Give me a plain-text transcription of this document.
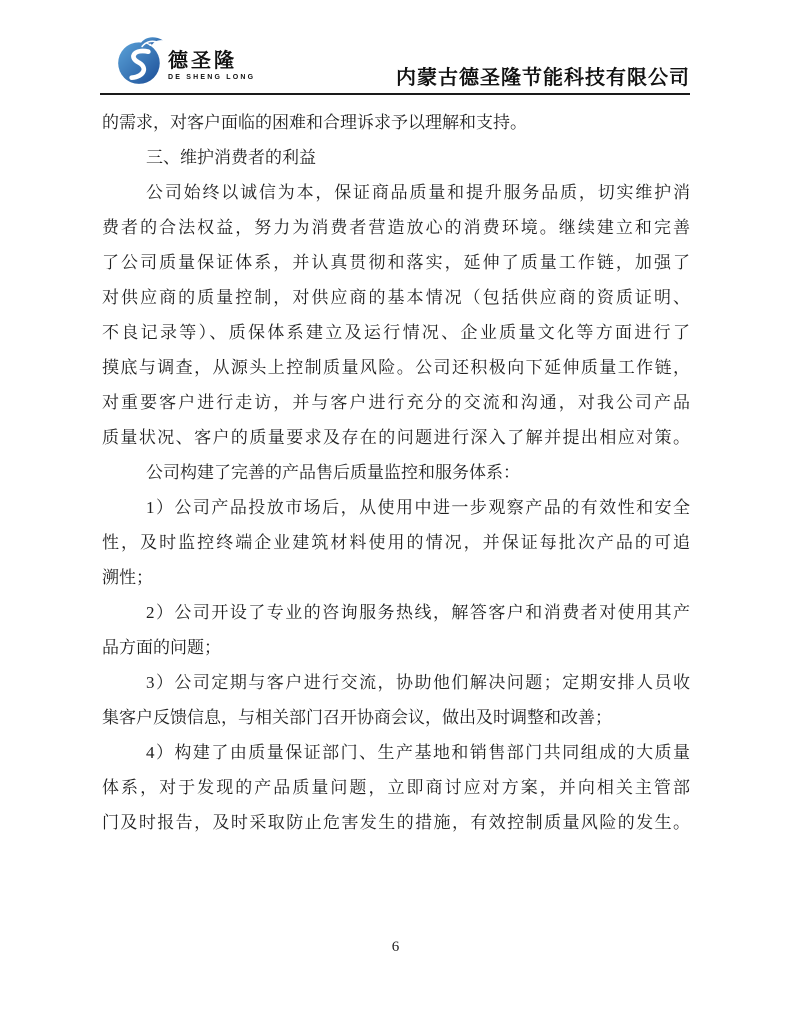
德圣隆
DE SHENG LONG	内蒙古德圣隆节能科技有限公司
的需求，对客户面临的困难和合理诉求予以理解和支持。
三、维护消费者的利益
公司始终以诚信为本，保证商品质量和提升服务品质，切实维护消
费者的合法权益，努力为消费者营造放心的消费环境。继续建立和完善
了公司质量保证体系，并认真贯彻和落实，延伸了质量工作链，加强了
对供应商的质量控制，对供应商的基本情况（包括供应商的资质证明、
不良记录等）、质保体系建立及运行情况、企业质量文化等方面进行了
摸底与调查，从源头上控制质量风险。公司还积极向下延伸质量工作链，
对重要客户进行走访，并与客户进行充分的交流和沟通，对我公司产品
质量状况、客户的质量要求及存在的问题进行深入了解并提出相应对策。
公司构建了完善的产品售后质量监控和服务体系：
1）公司产品投放市场后，从使用中进一步观察产品的有效性和安全
性，及时监控终端企业建筑材料使用的情况，并保证每批次产品的可追
溯性；
2）公司开设了专业的咨询服务热线，解答客户和消费者对使用其产
品方面的问题；
3）公司定期与客户进行交流，协助他们解决问题；定期安排人员收
集客户反馈信息，与相关部门召开协商会议，做出及时调整和改善；
4）构建了由质量保证部门、生产基地和销售部门共同组成的大质量
体系，对于发现的产品质量问题，立即商讨应对方案，并向相关主管部
门及时报告，及时采取防止危害发生的措施，有效控制质量风险的发生。
6
